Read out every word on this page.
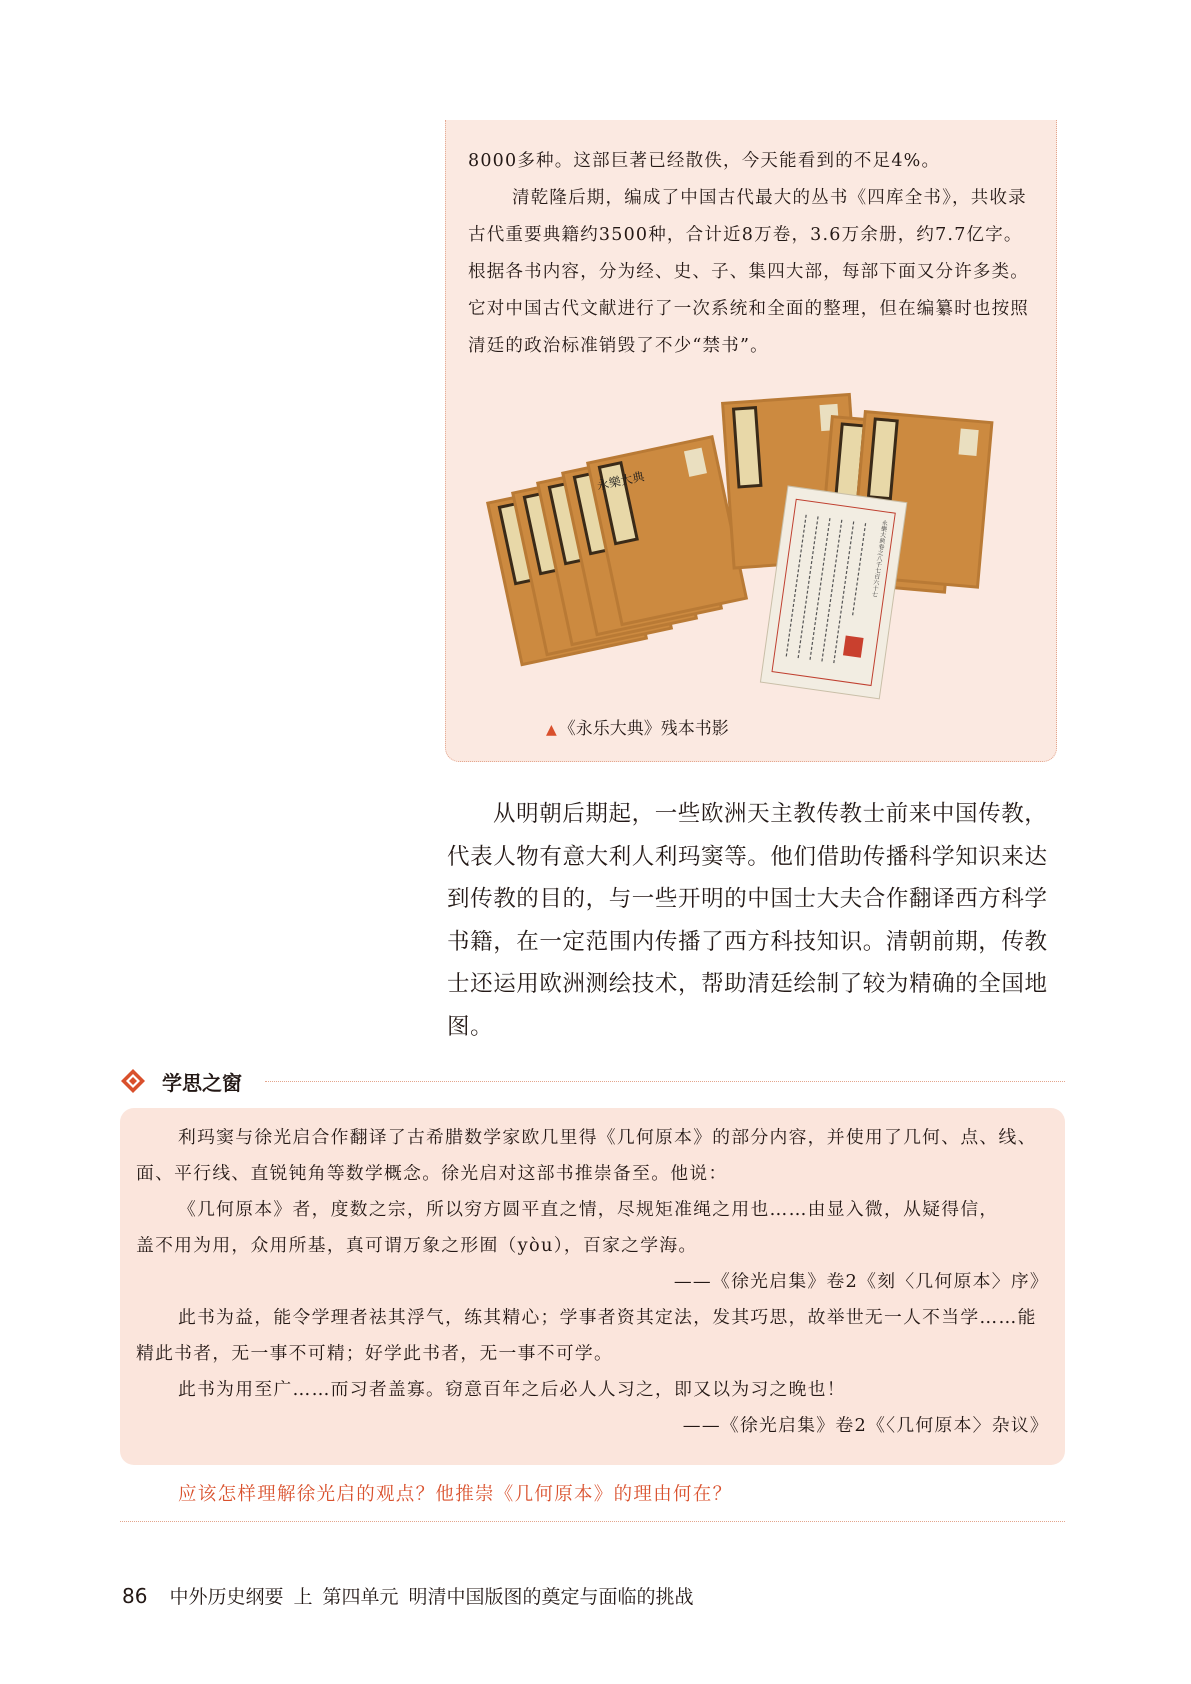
8000多种。这部巨著已经散佚，今天能看到的不足4%。

清乾隆后期，编成了中国古代最大的丛书《四库全书》，共收录古代重要典籍约3500种，合计近8万卷，3.6万余册，约7.7亿字。根据各书内容，分为经、史、子、集四大部，每部下面又分许多类。它对中国古代文献进行了一次系统和全面的整理，但在编纂时也按照清廷的政治标准销毁了不少“禁书”。

永樂大典
永樂大典卷之八千七百六十七
▲ 《永乐大典》残本书影

从明朝后期起，一些欧洲天主教传教士前来中国传教，代表人物有意大利人利玛窦等。他们借助传播科学知识来达到传教的目的，与一些开明的中国士大夫合作翻译西方科学书籍，在一定范围内传播了西方科技知识。清朝前期，传教士还运用欧洲测绘技术，帮助清廷绘制了较为精确的全国地图。

学思之窗

利玛窦与徐光启合作翻译了古希腊数学家欧几里得《几何原本》的部分内容，并使用了几何、点、线、面、平行线、直锐钝角等数学概念。徐光启对这部书推崇备至。他说：

《几何原本》者，度数之宗，所以穷方圆平直之情，尽规矩准绳之用也……由显入微，从疑得信，盖不用为用，众用所基，真可谓万象之形囿（yòu），百家之学海。

——《徐光启集》卷2《刻〈几何原本〉序》

此书为益，能令学理者祛其浮气，练其精心；学事者资其定法，发其巧思，故举世无一人不当学……能精此书者，无一事不可精；好学此书者，无一事不可学。

此书为用至广……而习者盖寡。窃意百年之后必人人习之，即又以为习之晚也！

——《徐光启集》卷2《〈几何原本〉杂议》

应该怎样理解徐光启的观点？他推崇《几何原本》的理由何在？

86 中外历史纲要 上 第四单元 明清中国版图的奠定与面临的挑战
